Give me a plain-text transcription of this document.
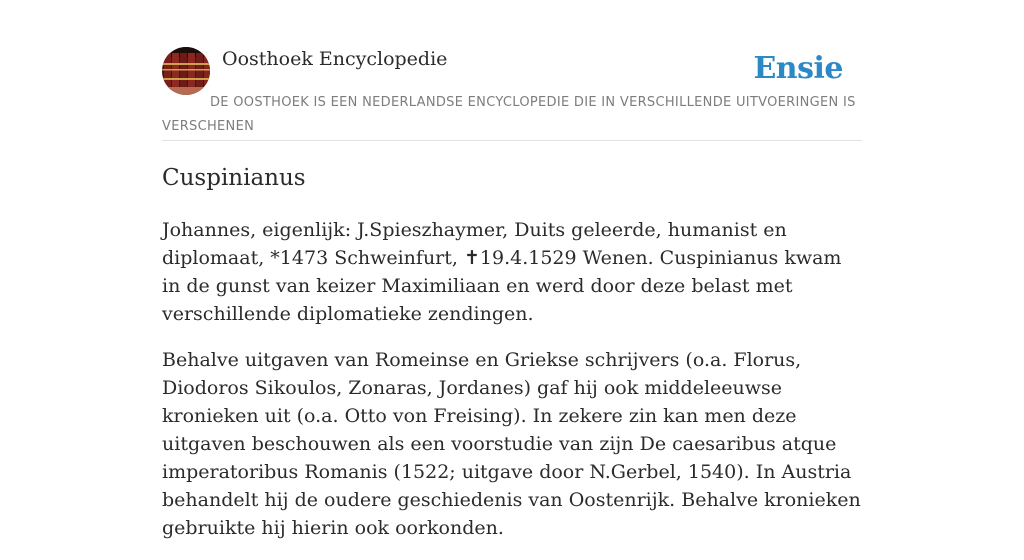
Oosthoek Encyclopedie	Ensie
DE OOSTHOEK IS EEN NEDERLANDSE ENCYCLOPEDIE DIE IN VERSCHILLENDE UITVOERINGEN IS VERSCHENEN
Cuspinianus

Johannes, eigenlijk: J.Spieszhaymer, Duits geleerde, humanist en diplomaat, *1473 Schweinfurt, ✝19.4.1529 Wenen. Cuspinianus kwam in de gunst van keizer Maximiliaan en werd door deze belast met verschillende diplomatieke zendingen.

Behalve uitgaven van Romeinse en Griekse schrijvers (o.a. Florus, Diodoros Sikoulos, Zonaras, Jordanes) gaf hij ook middeleeuwse kronieken uit (o.a. Otto von Freising). In zekere zin kan men deze uitgaven beschouwen als een voorstudie van zijn De caesaribus atque imperatoribus Romanis (1522; uitgave door N.Gerbel, 1540). In Austria behandelt hij de oudere geschiedenis van Oostenrijk. Behalve kronieken gebruikte hij hierin ook oorkonden.
